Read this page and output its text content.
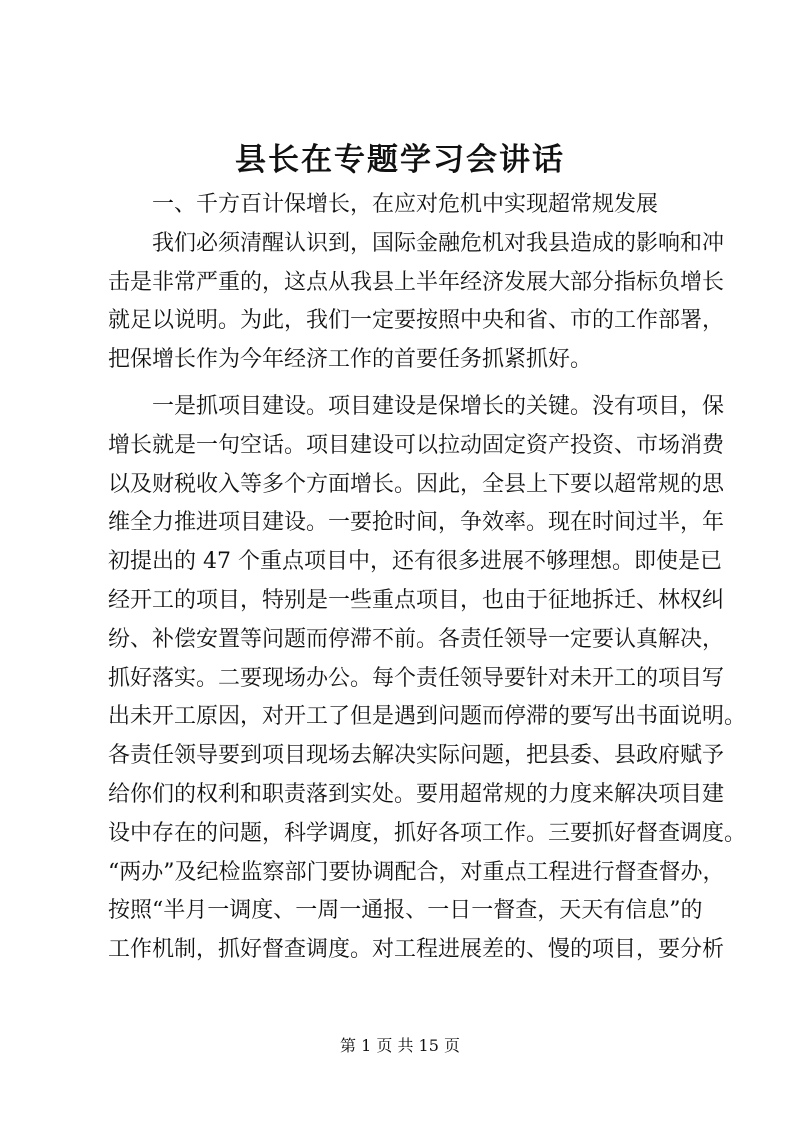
县长在专题学习会讲话
一、千方百计保增长，在应对危机中实现超常规发展
我们必须清醒认识到，国际金融危机对我县造成的影响和冲
击是非常严重的，这点从我县上半年经济发展大部分指标负增长
就足以说明。为此，我们一定要按照中央和省、市的工作部署，
把保增长作为今年经济工作的首要任务抓紧抓好。
一是抓项目建设。项目建设是保增长的关键。没有项目，保
增长就是一句空话。项目建设可以拉动固定资产投资、市场消费
以及财税收入等多个方面增长。因此，全县上下要以超常规的思
维全力推进项目建设。一要抢时间，争效率。现在时间过半，年
初提出的 47 个重点项目中，还有很多进展不够理想。即使是已
经开工的项目，特别是一些重点项目，也由于征地拆迁、林权纠
纷、补偿安置等问题而停滞不前。各责任领导一定要认真解决，
抓好落实。二要现场办公。每个责任领导要针对未开工的项目写
出未开工原因，对开工了但是遇到问题而停滞的要写出书面说明。
各责任领导要到项目现场去解决实际问题，把县委、县政府赋予
给你们的权利和职责落到实处。要用超常规的力度来解决项目建
设中存在的问题，科学调度，抓好各项工作。三要抓好督查调度。
“两办”及纪检监察部门要协调配合，对重点工程进行督查督办，
按照“半月一调度、一周一通报、一日一督查，天天有信息”的
工作机制，抓好督查调度。对工程进展差的、慢的项目，要分析
第 1 页 共 15 页
